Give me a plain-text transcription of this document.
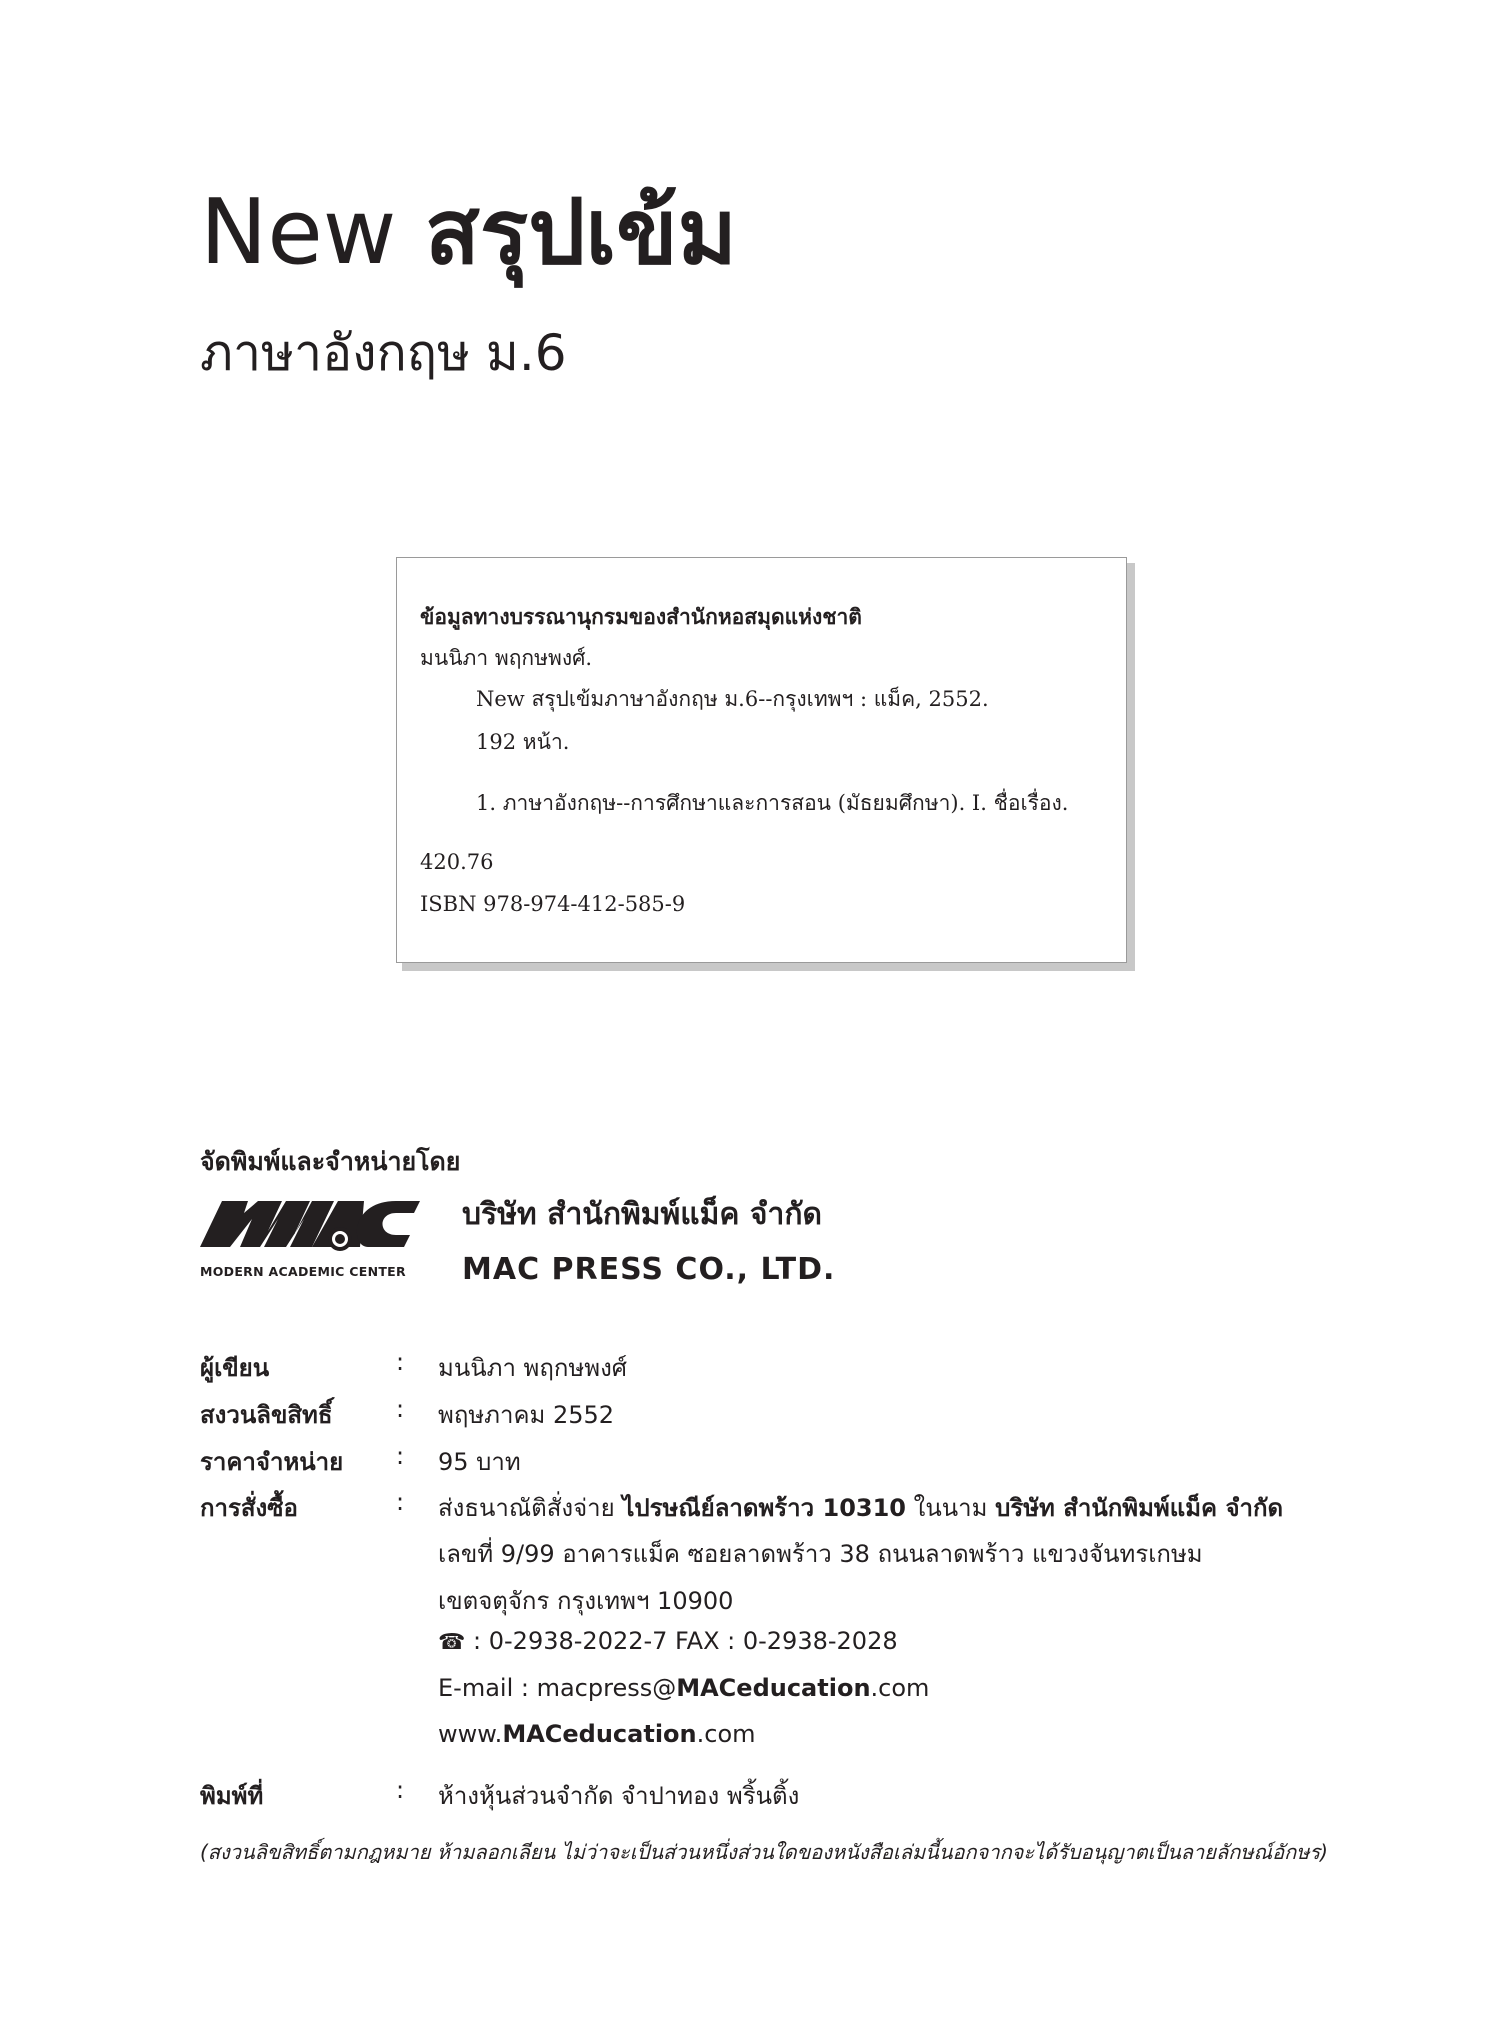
New สรุปเข้ม
ภาษาอังกฤษ ม.6
ข้อมูลทางบรรณานุกรมของสำนักหอสมุดแห่งชาติ
มนนิภา พฤกษพงศ์.
New สรุปเข้มภาษาอังกฤษ ม.6--กรุงเทพฯ : แม็ค, 2552.
192 หน้า.
1. ภาษาอังกฤษ--การศึกษาและการสอน (มัธยมศึกษา). I. ชื่อเรื่อง.
420.76
ISBN 978-974-412-585-9
จัดพิมพ์และจำหน่ายโดย
MODERN ACADEMIC CENTER
บริษัท สำนักพิมพ์แม็ค จำกัด
MAC PRESS CO., LTD.
ผู้เขียน	: มนนิภา พฤกษพงศ์
สงวนลิขสิทธิ์	: พฤษภาคม 2552
ราคาจำหน่าย : 95 บาท
การสั่งซื้อ	: ส่งธนาณัติสั่งจ่าย ไปรษณีย์ลาดพร้าว 10310 ในนาม บริษัท สำนักพิมพ์แม็ค จำกัด
เลขที่ 9/99 อาคารแม็ค ซอยลาดพร้าว 38 ถนนลาดพร้าว แขวงจันทรเกษม
เขตจตุจักร กรุงเทพฯ 10900
☎ : 0-2938-2022-7 FAX : 0-2938-2028
E-mail : macpress@MACeducation.com
www.MACeducation.com
พิมพ์ที่	: ห้างหุ้นส่วนจำกัด จำปาทอง พริ้นติ้ง
(สงวนลิขสิทธิ์ตามกฎหมาย ห้ามลอกเลียน ไม่ว่าจะเป็นส่วนหนึ่งส่วนใดของหนังสือเล่มนี้นอกจากจะได้รับอนุญาตเป็นลายลักษณ์อักษร)
